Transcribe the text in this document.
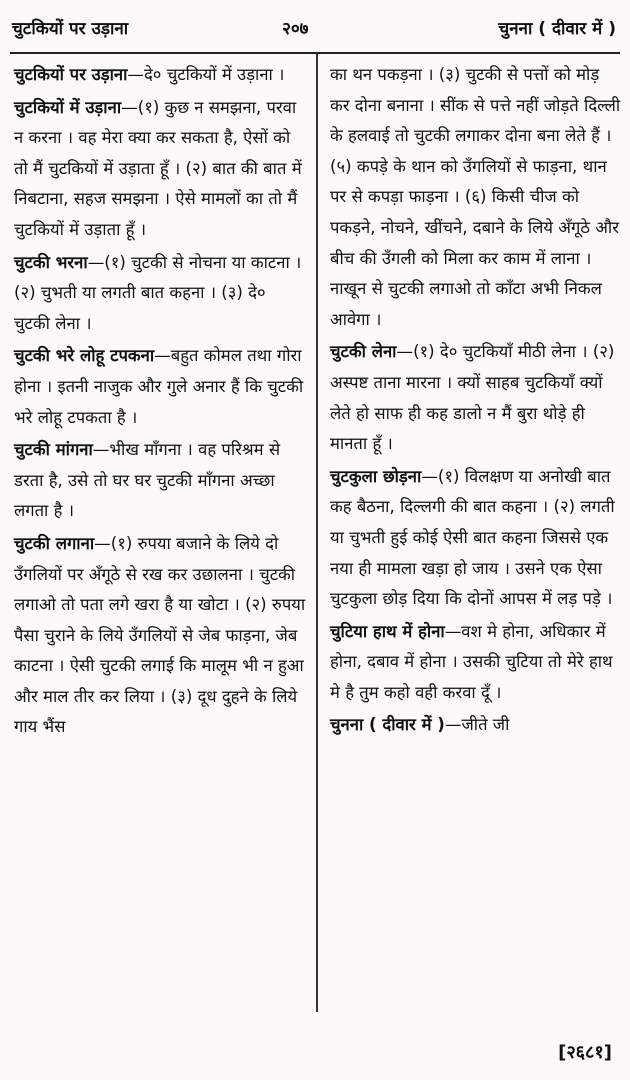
चुटकियों पर उड़ाना	२०७	चुनना ( दीवार में )

चुटकियों पर उड़ाना—दे० चुटकियों में उड़ाना ।

चुटकियों में उड़ाना—(१) कुछ न समझना, परवा न करना । वह मेरा क्या कर सकता है, ऐसों को तो मैं चुटकियों में उड़ाता हूँ । (२) बात की बात में निबटाना, सहज समझना । ऐसे मामलों का तो मैं चुटकियों में उड़ाता हूँ ।

चुटकी भरना—(१) चुटकी से नोचना या काटना । (२) चुभती या लगती बात कहना । (३) दे० चुटकी लेना ।

चुटकी भरे लोहू टपकना—बहुत कोमल तथा गोरा होना । इतनी नाजुक और गुले अनार हैं कि चुटकी भरे लोहू टपकता है ।

चुटकी मांगना—भीख माँगना । वह परिश्रम से डरता है, उसे तो घर घर चुटकी माँगना अच्छा लगता है ।

चुटकी लगाना—(१) रुपया बजाने के लिये दो उँगलियों पर अँगूठे से रख कर उछालना । चुटकी लगाओ तो पता लगे खरा है या खोटा । (२) रुपया पैसा चुराने के लिये उँगलियों से जेब फाड़ना, जेब काटना । ऐसी चुटकी लगाई कि मालूम भी न हुआ और माल तीर कर लिया । (३) दूध दुहने के लिये गाय भैंस

का थन पकड़ना । (३) चुटकी से पत्तों को मोड़ कर दोना बनाना । सींक से पत्ते नहीं जोड़ते दिल्ली के हलवाई तो चुटकी लगाकर दोना बना लेते हैं । (५) कपड़े के थान को उँगलियों से फाड़ना, थान पर से कपड़ा फाड़ना । (६) किसी चीज को पकड़ने, नोचने, खींचने, दबाने के लिये अँगूठे और बीच की उँगली को मिला कर काम में लाना । नाखून से चुटकी लगाओ तो काँटा अभी निकल आवेगा ।

चुटकी लेना—(१) दे० चुटकियाँ मीठी लेना । (२) अस्पष्ट ताना मारना । क्यों साहब चुटकियाँ क्यों लेते हो साफ ही कह डालो न मैं बुरा थोड़े ही मानता हूँ ।

चुटकुला छोड़ना—(१) विलक्षण या अनोखी बात कह बैठना, दिल्लगी की बात कहना । (२) लगती या चुभती हुई कोई ऐसी बात कहना जिससे एक नया ही मामला खड़ा हो जाय । उसने एक ऐसा चुटकुला छोड़ दिया कि दोनों आपस में लड़ पड़े ।

चुटिया हाथ में होना—वश मे होना, अधिकार में होना, दबाव में होना । उसकी चुटिया तो मेरे हाथ मे है तुम कहो वही करवा दूँ ।

चुनना ( दीवार में )—जीते जी

[२६८१]
